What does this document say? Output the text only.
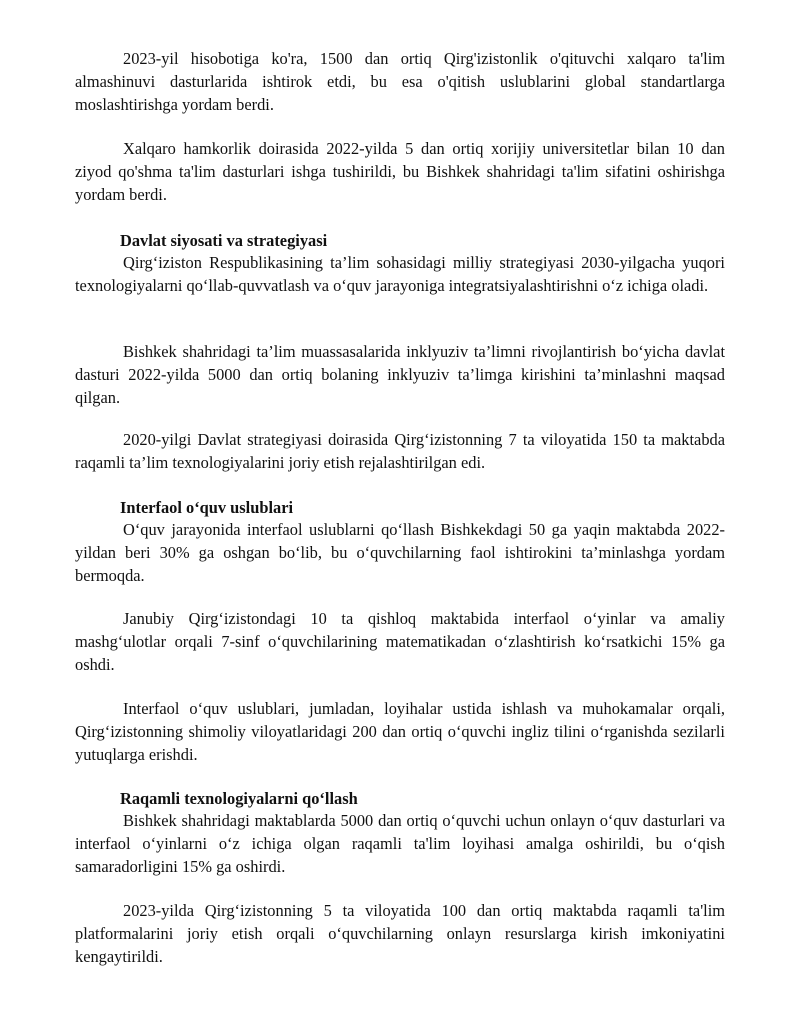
2023-yil hisobotiga ko'ra, 1500 dan ortiq Qirg'izistonlik o'qituvchi xalqaro ta'lim almashinuvi dasturlarida ishtirok etdi, bu esa o'qitish uslublarini global standartlarga moslashtirishga yordam berdi.

Xalqaro hamkorlik doirasida 2022-yilda 5 dan ortiq xorijiy universitetlar bilan 10 dan ziyod qo'shma ta'lim dasturlari ishga tushirildi, bu Bishkek shahridagi ta'lim sifatini oshirishga yordam berdi.

Davlat siyosati va strategiyasi

Qirg‘iziston Respublikasining ta’lim sohasidagi milliy strategiyasi 2030-yilgacha yuqori texnologiyalarni qo‘llab-quvvatlash va o‘quv jarayoniga integratsiyalashtirishni o‘z ichiga oladi.

Bishkek shahridagi ta’lim muassasalarida inklyuziv ta’limni rivojlantirish bo‘yicha davlat dasturi 2022-yilda 5000 dan ortiq bolaning inklyuziv ta’limga kirishini ta’minlashni maqsad qilgan.

2020-yilgi Davlat strategiyasi doirasida Qirg‘izistonning 7 ta viloyatida 150 ta maktabda raqamli ta’lim texnologiyalarini joriy etish rejalashtirilgan edi.

Interfaol o‘quv uslublari

O‘quv jarayonida interfaol uslublarni qo‘llash Bishkekdagi 50 ga yaqin maktabda 2022-yildan beri 30% ga oshgan bo‘lib, bu o‘quvchilarning faol ishtirokini ta’minlashga yordam bermoqda.

Janubiy Qirg‘izistondagi 10 ta qishloq maktabida interfaol o‘yinlar va amaliy mashg‘ulotlar orqali 7-sinf o‘quvchilarining matematikadan o‘zlashtirish ko‘rsatkichi 15% ga oshdi.

Interfaol o‘quv uslublari, jumladan, loyihalar ustida ishlash va muhokamalar orqali, Qirg‘izistonning shimoliy viloyatlaridagi 200 dan ortiq o‘quvchi ingliz tilini o‘rganishda sezilarli yutuqlarga erishdi.

Raqamli texnologiyalarni qo‘llash

Bishkek shahridagi maktablarda 5000 dan ortiq o‘quvchi uchun onlayn o‘quv dasturlari va interfaol o‘yinlarni o‘z ichiga olgan raqamli ta'lim loyihasi amalga oshirildi, bu o‘qish samaradorligini 15% ga oshirdi.

2023-yilda Qirg‘izistonning 5 ta viloyatida 100 dan ortiq maktabda raqamli ta'lim platformalarini joriy etish orqali o‘quvchilarning onlayn resurslarga kirish imkoniyatini kengaytirildi.
